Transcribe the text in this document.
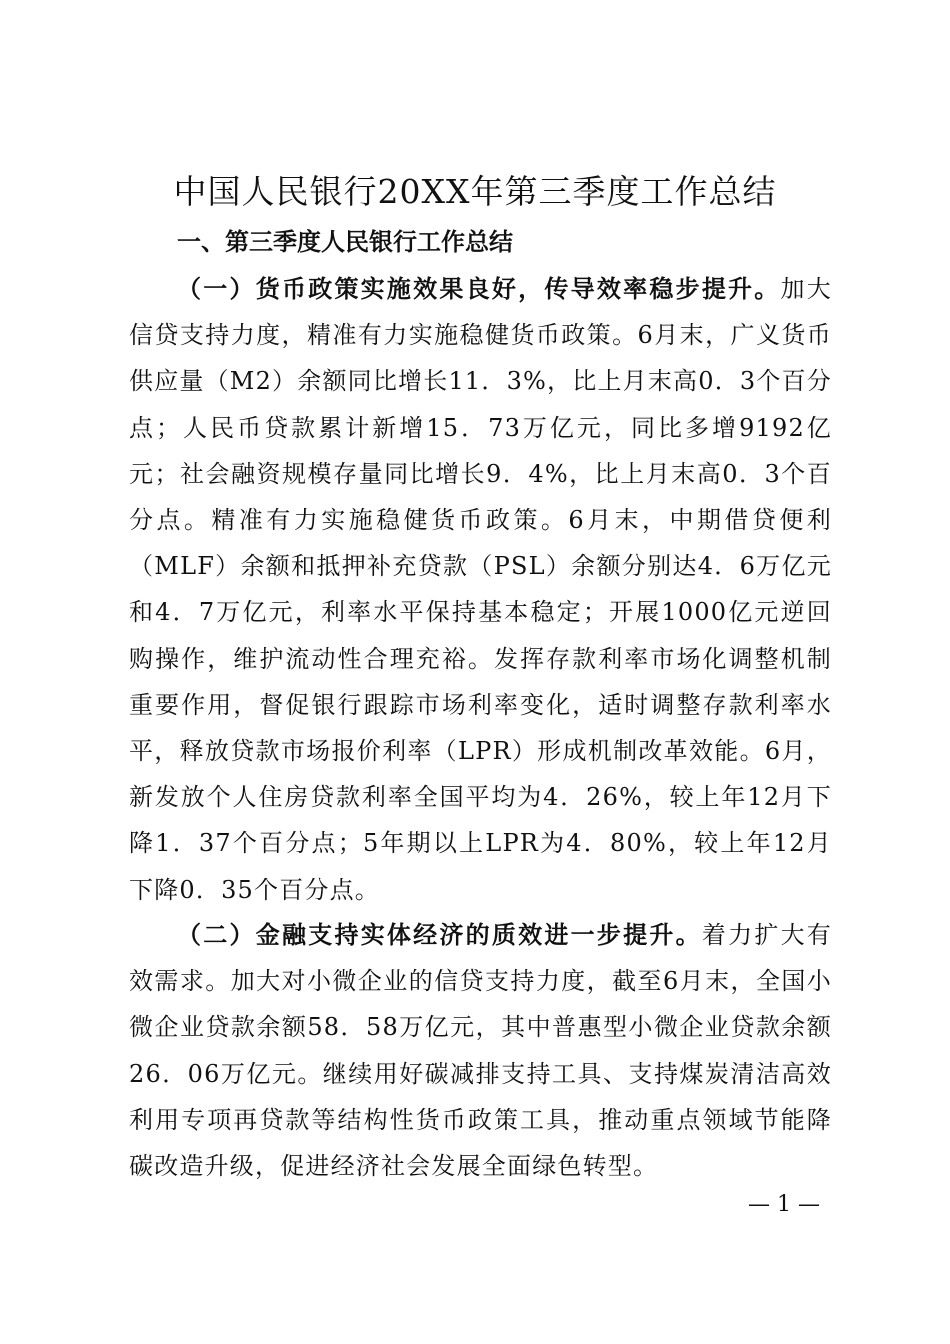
中国人民银行20XX年第三季度工作总结
一、第三季度人民银行工作总结

（一）货币政策实施效果良好，传导效率稳步提升。加大信贷支持力度，精准有力实施稳健货币政策。6月末，广义货币供应量（M2）余额同比增长11．3%，比上月末高0．3个百分点；人民币贷款累计新增15．73万亿元，同比多增9192亿元；社会融资规模存量同比增长9．4%，比上月末高0．3个百分点。精准有力实施稳健货币政策。6月末，中期借贷便利（MLF）余额和抵押补充贷款（PSL）余额分别达4．6万亿元和4．7万亿元，利率水平保持基本稳定；开展1000亿元逆回购操作，维护流动性合理充裕。发挥存款利率市场化调整机制重要作用，督促银行跟踪市场利率变化，适时调整存款利率水平，释放贷款市场报价利率（LPR）形成机制改革效能。6月，新发放个人住房贷款利率全国平均为4．26%，较上年12月下降1．37个百分点；5年期以上LPR为4．80%，较上年12月下降0．35个百分点。

（二）金融支持实体经济的质效进一步提升。着力扩大有效需求。加大对小微企业的信贷支持力度，截至6月末，全国小微企业贷款余额58．58万亿元，其中普惠型小微企业贷款余额26．06万亿元。继续用好碳减排支持工具、支持煤炭清洁高效利用专项再贷款等结构性货币政策工具，推动重点领域节能降碳改造升级，促进经济社会发展全面绿色转型。

— 1 —
